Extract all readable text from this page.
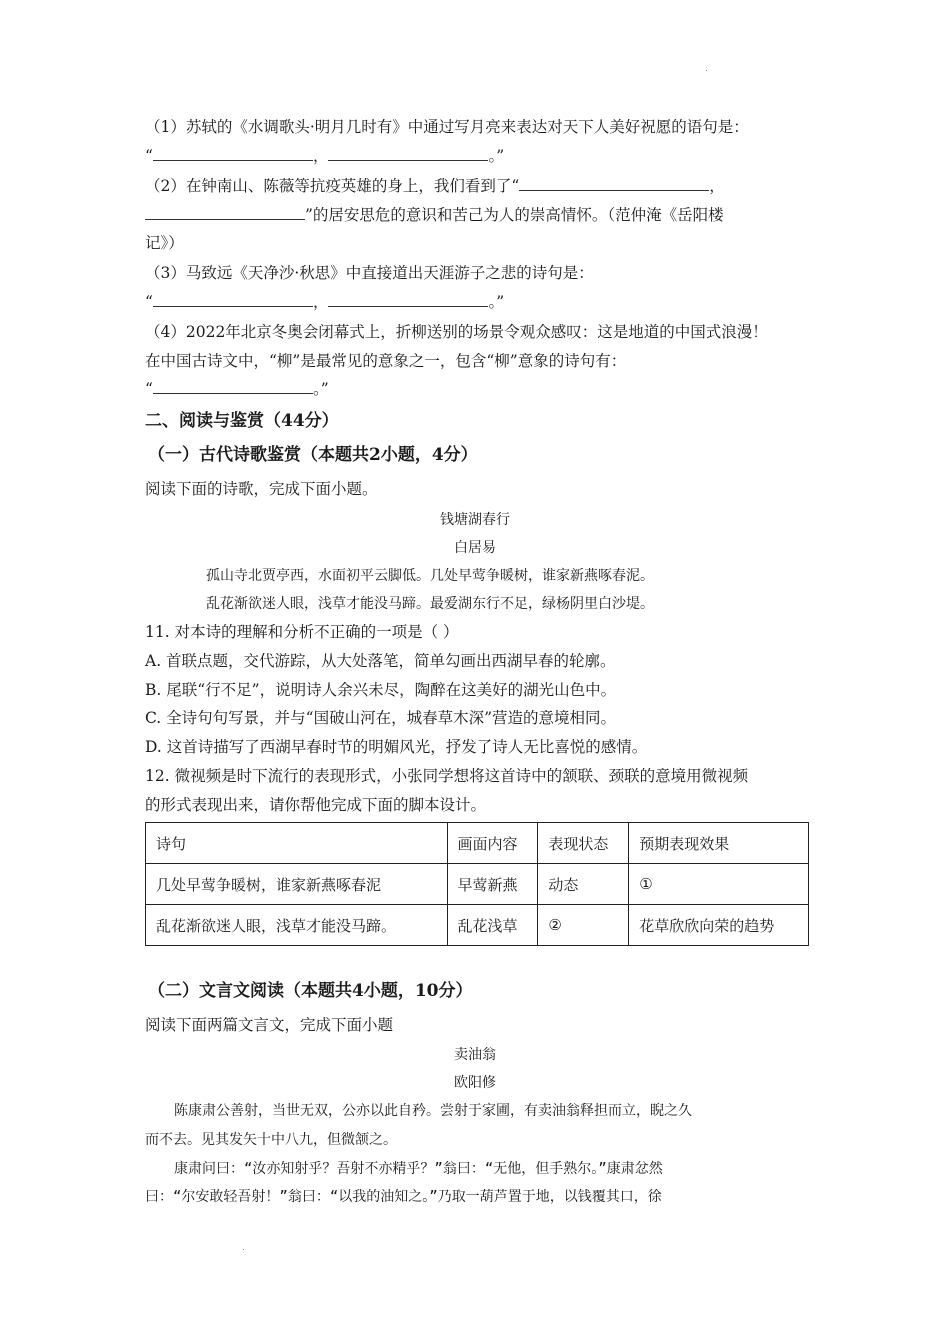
（1）苏轼的《水调歌头·明月几时有》中通过写月亮来表达对天下人美好祝愿的语句是：
“	，	。”
（2）在钟南山、陈薇等抗疫英雄的身上，我们看到了“	，
”的居安思危的意识和苦己为人的崇高情怀。（范仲淹《岳阳楼
记》）
（3）马致远《天净沙·秋思》中直接道出天涯游子之悲的诗句是：
“	，	。”
（4）2022年北京冬奥会闭幕式上，折柳送别的场景令观众感叹：这是地道的中国式浪漫！
在中国古诗文中，“柳”是最常见的意象之一，包含“柳”意象的诗句有：
“	。”
二、阅读与鉴赏（44分）
（一）古代诗歌鉴赏（本题共2小题，4分）
阅读下面的诗歌，完成下面小题。
钱塘湖春行
白居易
孤山寺北贾亭西，水面初平云脚低。几处早莺争暖树，谁家新燕啄春泥。
乱花渐欲迷人眼，浅草才能没马蹄。最爱湖东行不足，绿杨阴里白沙堤。
11. 对本诗的理解和分析不正确的一项是（ ）
A. 首联点题，交代游踪，从大处落笔，简单勾画出西湖早春的轮廓。
B. 尾联“行不足”，说明诗人余兴未尽，陶醉在这美好的湖光山色中。
C. 全诗句句写景，并与“国破山河在，城春草木深”营造的意境相同。
D. 这首诗描写了西湖早春时节的明媚风光，抒发了诗人无比喜悦的感情。
12. 微视频是时下流行的表现形式，小张同学想将这首诗中的颔联、颈联的意境用微视频
的形式表现出来，请你帮他完成下面的脚本设计。
诗句	画面内容	表现状态	预期表现效果
几处早莺争暖树，谁家新燕啄春泥	早莺新燕	动态	①
乱花渐欲迷人眼，浅草才能没马蹄。	乱花浅草	②	花草欣欣向荣的趋势
（二）文言文阅读（本题共4小题，10分）
阅读下面两篇文言文，完成下面小题
卖油翁
欧阳修
陈康肃公善射，当世无双，公亦以此自矜。尝射于家圃，有卖油翁释担而立，睨之久
而不去。见其发矢十中八九，但微颔之。
康肃问曰：“汝亦知射乎？吾射不亦精乎？”翁曰：“无他，但手熟尔。”康肃忿然
曰：“尔安敢轻吾射！”翁曰：“以我的油知之。”乃取一葫芦置于地，以钱覆其口，徐
